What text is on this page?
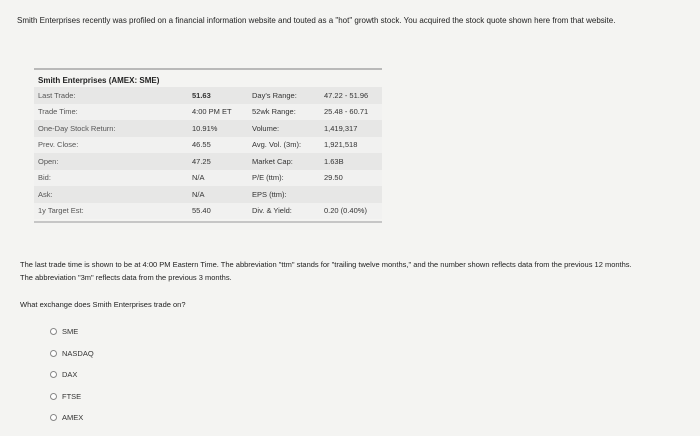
Smith Enterprises recently was profiled on a financial information website and touted as a "hot" growth stock. You acquired the stock quote shown here from that website.
Smith Enterprises (AMEX: SME)
Last Trade:	51.63	Day's Range:	47.22 - 51.96
Trade Time:	4:00 PM ET	52wk Range:	25.48 - 60.71
One-Day Stock Return:	10.91%	Volume:	1,419,317
Prev. Close:	46.55	Avg. Vol. (3m):	1,921,518
Open:	47.25	Market Cap:	1.63B
Bid:	N/A	P/E (ttm):	29.50
Ask:	N/A	EPS (ttm):	
1y Target Est:	55.40	Div. & Yield:	0.20 (0.40%)
The last trade time is shown to be at 4:00 PM Eastern Time. The abbreviation "ttm" stands for "trailing twelve months," and the number shown reflects data from the previous 12 months. The abbreviation "3m" reflects data from the previous 3 months.
What exchange does Smith Enterprises trade on?
SME
NASDAQ
DAX
FTSE
AMEX
